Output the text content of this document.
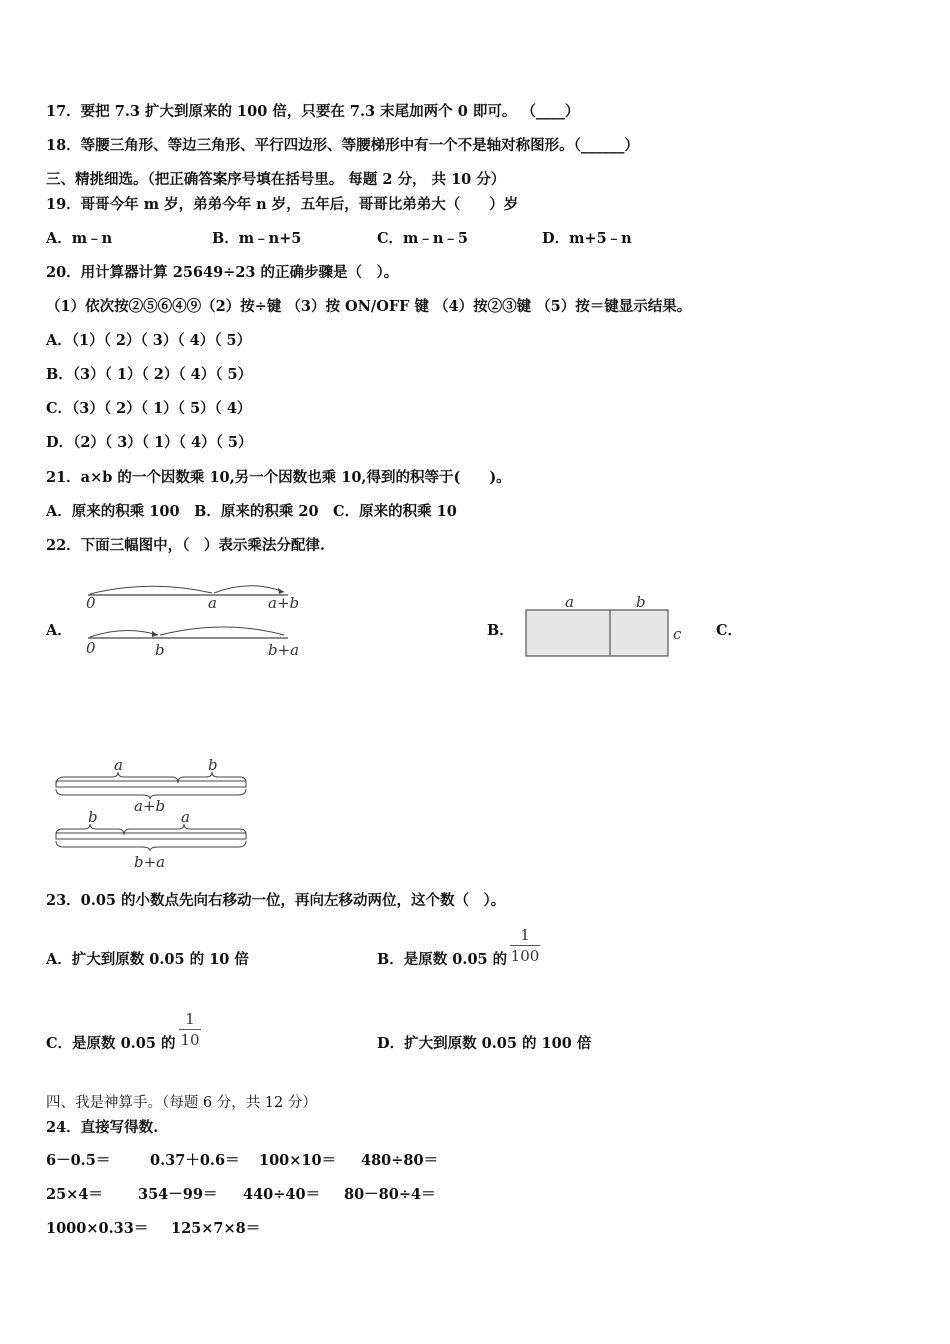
17．要把 7.3 扩大到原来的 100 倍，只要在 7.3 末尾加两个 0 即可。 （____）
18．等腰三角形、等边三角形、平行四边形、等腰梯形中有一个不是轴对称图形。（______）
三、精挑细选。（把正确答案序号填在括号里。 每题 2 分， 共 10 分）
19．哥哥今年 m 岁，弟弟今年 n 岁，五年后，哥哥比弟弟大（　　）岁
A．m﹣n	B．m﹣n+5	C．m﹣n﹣5	D．m+5﹣n
20．用计算器计算 25649÷23 的正确步骤是（　）。
（1）依次按②⑤⑥④⑨（2）按÷键 （3）按 ON/OFF 键 （4）按②③键 （5）按＝键显示结果。
A．（1）（ 2）（ 3）（ 4）（ 5）
B．（3）（ 1）（ 2）（ 4）（ 5）
C．（3）（ 2）（ 1）（ 5）（ 4）
D．（2）（ 3）（ 1）（ 4）（ 5）
21．a×b 的一个因数乘 10,另一个因数也乘 10,得到的积等于(　　)。
A．原来的积乘 100　B．原来的积乘 20　C．原来的积乘 10
22．下面三幅图中，（　）表示乘法分配律.
A．	B．	C．
0	a	a+b
0	b	b+a
a	b
c
a	b
a+b
b	a
b+a
23．0.05 的小数点先向右移动一位，再向左移动两位，这个数（　）。
A．扩大到原数 0.05 的 10 倍	B．是原数 0.05 的
1
100
C．是原数 0.05 的
1
10	D．扩大到原数 0.05 的 100 倍
四、我是神算手。（每题 6 分，共 12 分）
24．直接写得数.
6－0.5＝	0.37＋0.6＝ 100×10＝ 480÷80＝
25×4＝ 354－99＝ 440÷40＝ 80－80÷4＝
1000×0.33＝ 125×7×8＝
